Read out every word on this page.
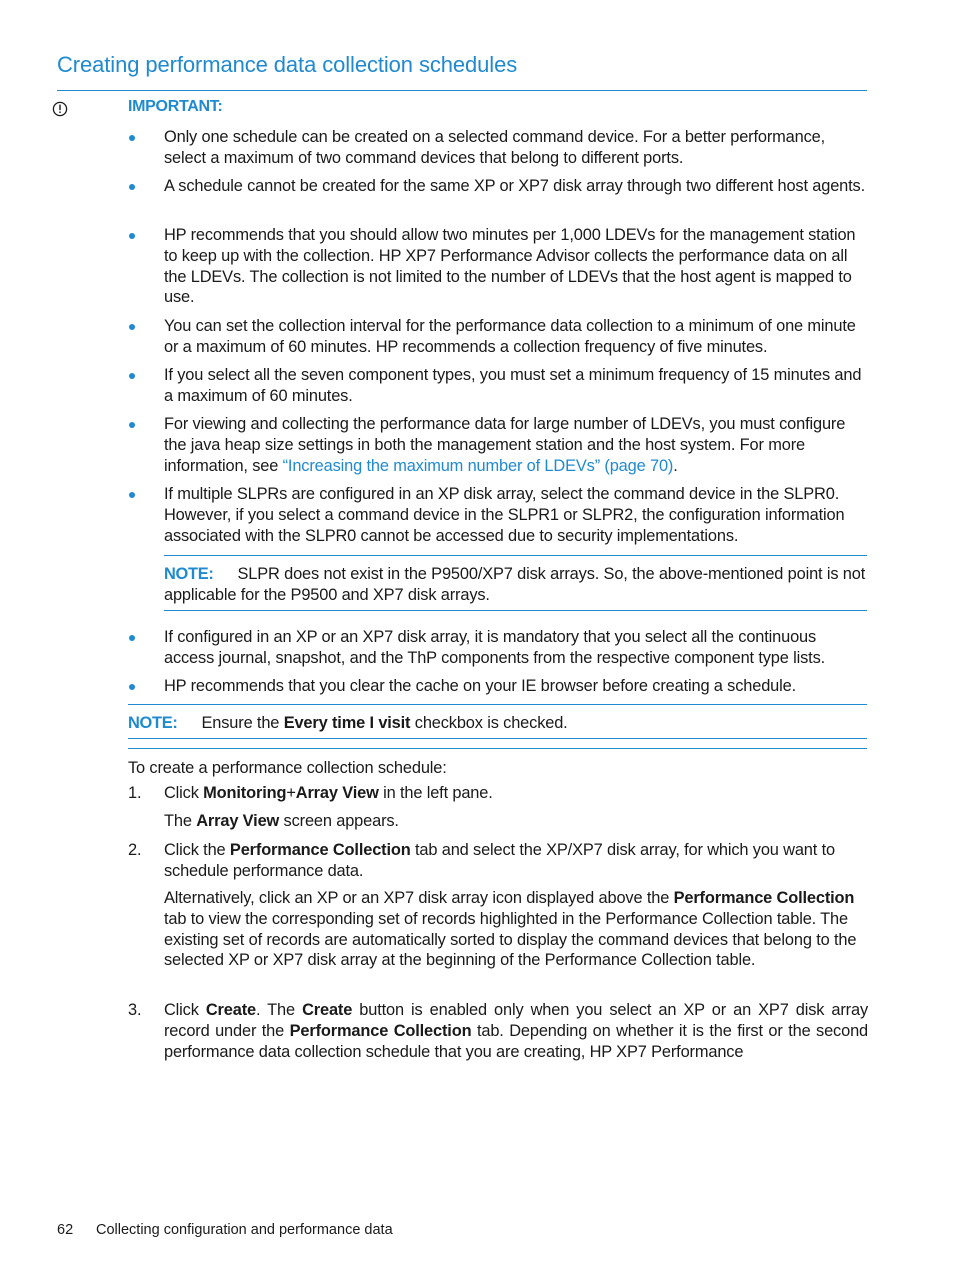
Creating performance data collection schedules
IMPORTANT:
Only one schedule can be created on a selected command device. For a better performance, select a maximum of two command devices that belong to different ports.
A schedule cannot be created for the same XP or XP7 disk array through two different host agents.
HP recommends that you should allow two minutes per 1,000 LDEVs for the management station to keep up with the collection. HP XP7 Performance Advisor collects the performance data on all the LDEVs. The collection is not limited to the number of LDEVs that the host agent is mapped to use.
You can set the collection interval for the performance data collection to a minimum of one minute or a maximum of 60 minutes. HP recommends a collection frequency of five minutes.
If you select all the seven component types, you must set a minimum frequency of 15 minutes and a maximum of 60 minutes.
For viewing and collecting the performance data for large number of LDEVs, you must configure the java heap size settings in both the management station and the host system. For more information, see “Increasing the maximum number of LDEVs” (page 70).
If multiple SLPRs are configured in an XP disk array, select the command device in the SLPR0. However, if you select a command device in the SLPR1 or SLPR2, the configuration information associated with the SLPR0 cannot be accessed due to security implementations.
NOTE: SLPR does not exist in the P9500/XP7 disk arrays. So, the above-mentioned point is not applicable for the P9500 and XP7 disk arrays.
If configured in an XP or an XP7 disk array, it is mandatory that you select all the continuous access journal, snapshot, and the ThP components from the respective component type lists.
HP recommends that you clear the cache on your IE browser before creating a schedule.
NOTE: Ensure the Every time I visit checkbox is checked.
To create a performance collection schedule:
1. Click Monitoring+Array View in the left pane.
The Array View screen appears.
2. Click the Performance Collection tab and select the XP/XP7 disk array, for which you want to schedule performance data.
Alternatively, click an XP or an XP7 disk array icon displayed above the Performance Collection tab to view the corresponding set of records highlighted in the Performance Collection table. The existing set of records are automatically sorted to display the command devices that belong to the selected XP or XP7 disk array at the beginning of the Performance Collection table.
3. Click Create. The Create button is enabled only when you select an XP or an XP7 disk array record under the Performance Collection tab. Depending on whether it is the first or the second performance data collection schedule that you are creating, HP XP7 Performance
62 Collecting configuration and performance data
